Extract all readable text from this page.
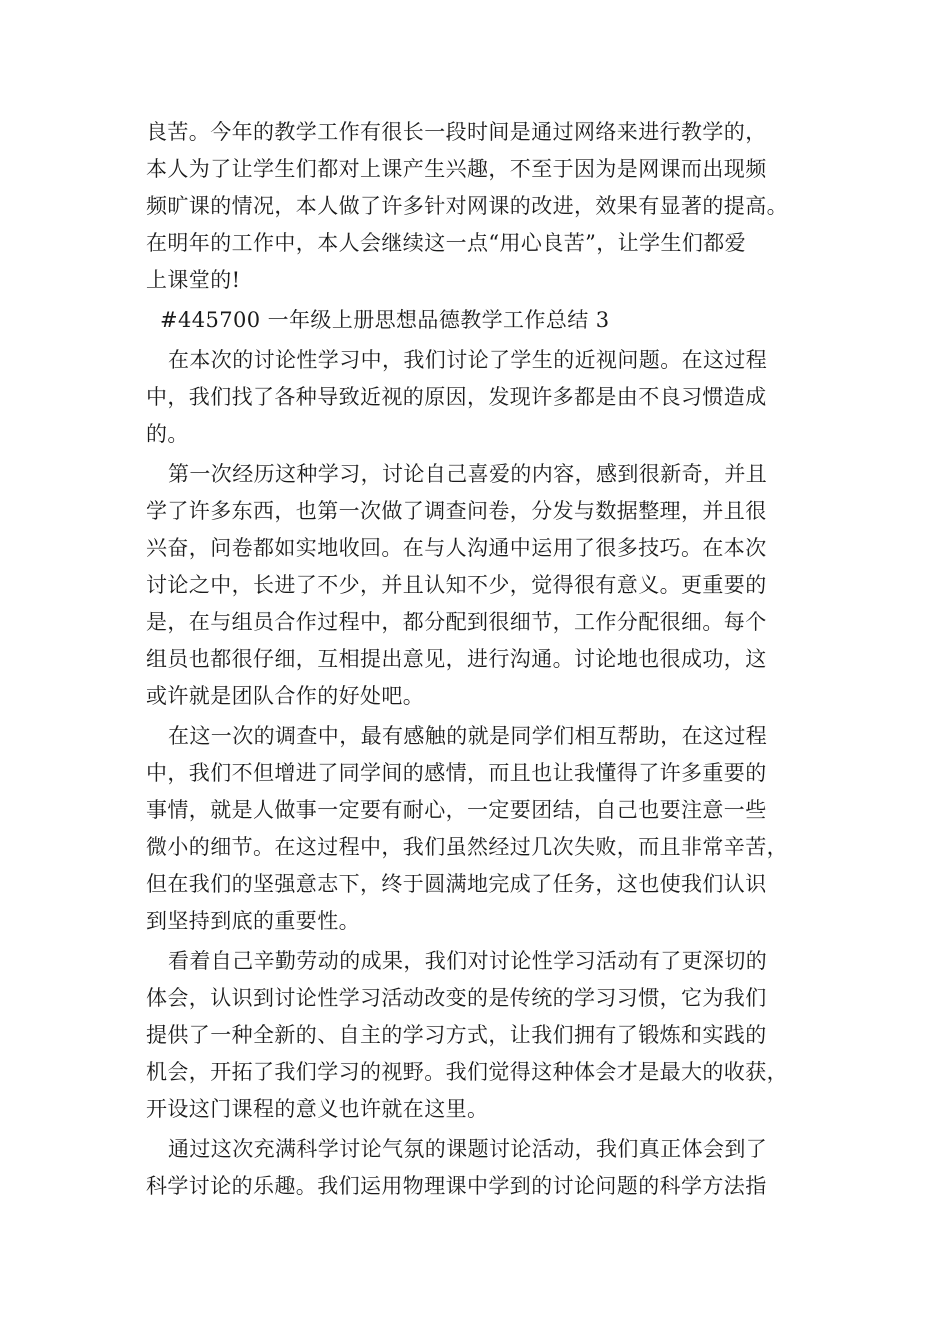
良苦。今年的教学工作有很长一段时间是通过网络来进行教学的，
本人为了让学生们都对上课产生兴趣，不至于因为是网课而出现频
频旷课的情况，本人做了许多针对网课的改进，效果有显著的提高。
在明年的工作中，本人会继续这一点“用心良苦”，让学生们都爱
上课堂的!
#445700 一年级上册思想品德教学工作总结 3
在本次的讨论性学习中，我们讨论了学生的近视问题。在这过程
中，我们找了各种导致近视的原因，发现许多都是由不良习惯造成
的。
第一次经历这种学习，讨论自己喜爱的内容，感到很新奇，并且
学了许多东西，也第一次做了调查问卷，分发与数据整理，并且很
兴奋，问卷都如实地收回。在与人沟通中运用了很多技巧。在本次
讨论之中，长进了不少，并且认知不少，觉得很有意义。更重要的
是，在与组员合作过程中，都分配到很细节，工作分配很细。每个
组员也都很仔细，互相提出意见，进行沟通。讨论地也很成功，这
或许就是团队合作的好处吧。
在这一次的调查中，最有感触的就是同学们相互帮助，在这过程
中，我们不但增进了同学间的感情，而且也让我懂得了许多重要的
事情，就是人做事一定要有耐心，一定要团结，自己也要注意一些
微小的细节。在这过程中，我们虽然经过几次失败，而且非常辛苦，
但在我们的坚强意志下，终于圆满地完成了任务，这也使我们认识
到坚持到底的重要性。
看着自己辛勤劳动的成果，我们对讨论性学习活动有了更深切的
体会，认识到讨论性学习活动改变的是传统的学习习惯，它为我们
提供了一种全新的、自主的学习方式，让我们拥有了锻炼和实践的
机会，开拓了我们学习的视野。我们觉得这种体会才是最大的收获，
开设这门课程的意义也许就在这里。
通过这次充满科学讨论气氛的课题讨论活动，我们真正体会到了
科学讨论的乐趣。我们运用物理课中学到的讨论问题的科学方法指
